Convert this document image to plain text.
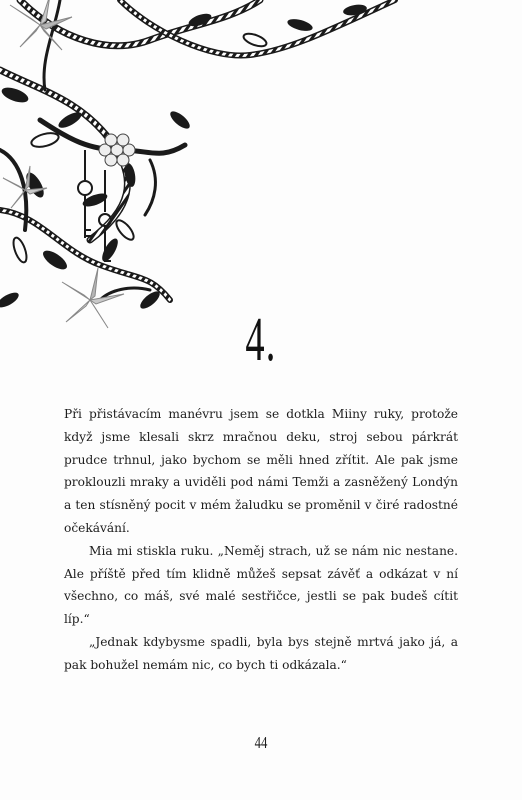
4.

Při přistávacím manévru jsem se dotkla Miiny ruky, protože když jsme klesali skrz mračnou deku, stroj sebou párkrát prudce trhnul, jako bychom se měli hned zřítit. Ale pak jsme proklouzli mraky a uviděli pod námi Temži a zasněžený Londýn a ten stísněný pocit v mém žaludku se proměnil v čiré radostné očekávání.

Mia mi stiskla ruku. „Neměj strach, už se nám nic nestane. Ale příště před tím klidně můžeš sepsat závěť a odkázat v ní všechno, co máš, své malé sestřičce, jestli se pak budeš cítit líp.“

„Jednak kdybysme spadli, byla bys stejně mrtvá jako já, a pak bohužel nemám nic, co bych ti odkázala.“

44
